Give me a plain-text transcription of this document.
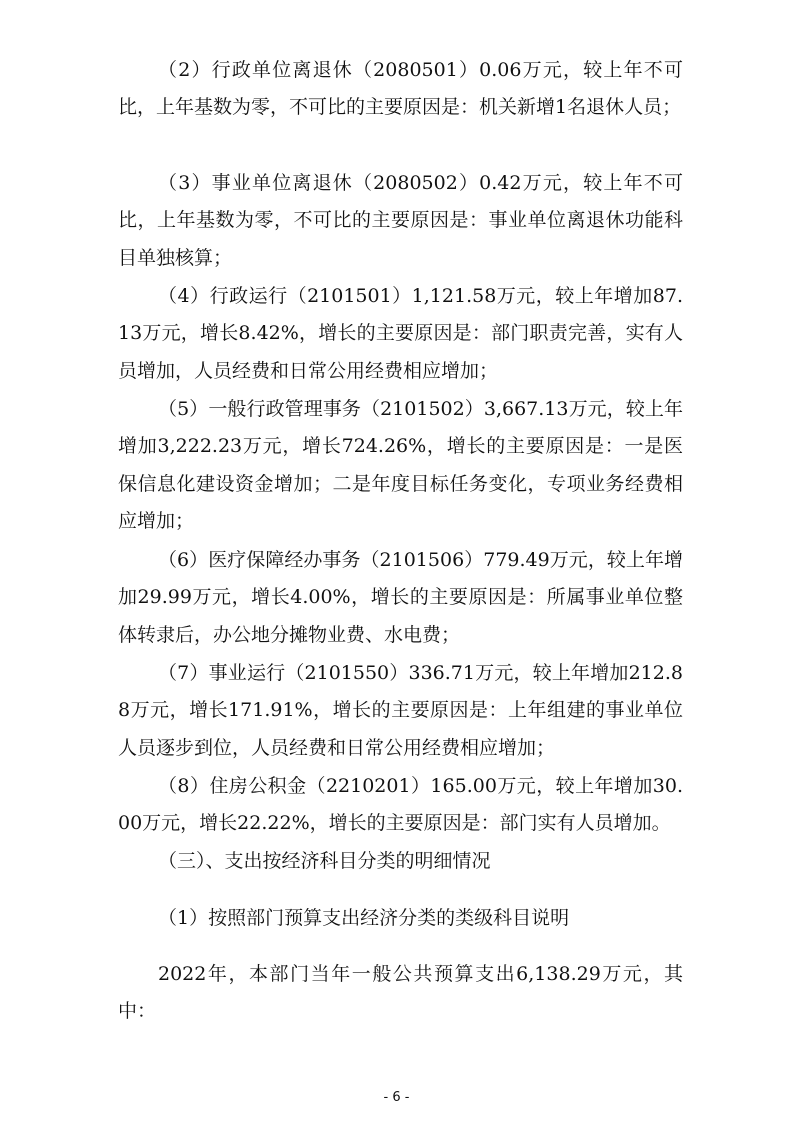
（2）行政单位离退休（2080501）0.06万元，较上年不可比，上年基数为零，不可比的主要原因是：机关新增1名退休人员；

（3）事业单位离退休（2080502）0.42万元，较上年不可比，上年基数为零，不可比的主要原因是：事业单位离退休功能科目单独核算；

（4）行政运行（2101501）1,121.58万元，较上年增加87.13万元，增长8.42%，增长的主要原因是：部门职责完善，实有人员增加，人员经费和日常公用经费相应增加；

（5）一般行政管理事务（2101502）3,667.13万元，较上年增加3,222.23万元，增长724.26%，增长的主要原因是：一是医保信息化建设资金增加；二是年度目标任务变化，专项业务经费相应增加；

（6）医疗保障经办事务（2101506）779.49万元，较上年增加29.99万元，增长4.00%，增长的主要原因是：所属事业单位整体转隶后，办公地分摊物业费、水电费；

（7）事业运行（2101550）336.71万元，较上年增加212.88万元，增长171.91%，增长的主要原因是：上年组建的事业单位人员逐步到位，人员经费和日常公用经费相应增加；

（8）住房公积金（2210201）165.00万元，较上年增加30.00万元，增长22.22%，增长的主要原因是：部门实有人员增加。

（三）、支出按经济科目分类的明细情况

（1）按照部门预算支出经济分类的类级科目说明

2022年，本部门当年一般公共预算支出6,138.29万元，其中：

- 6 -
